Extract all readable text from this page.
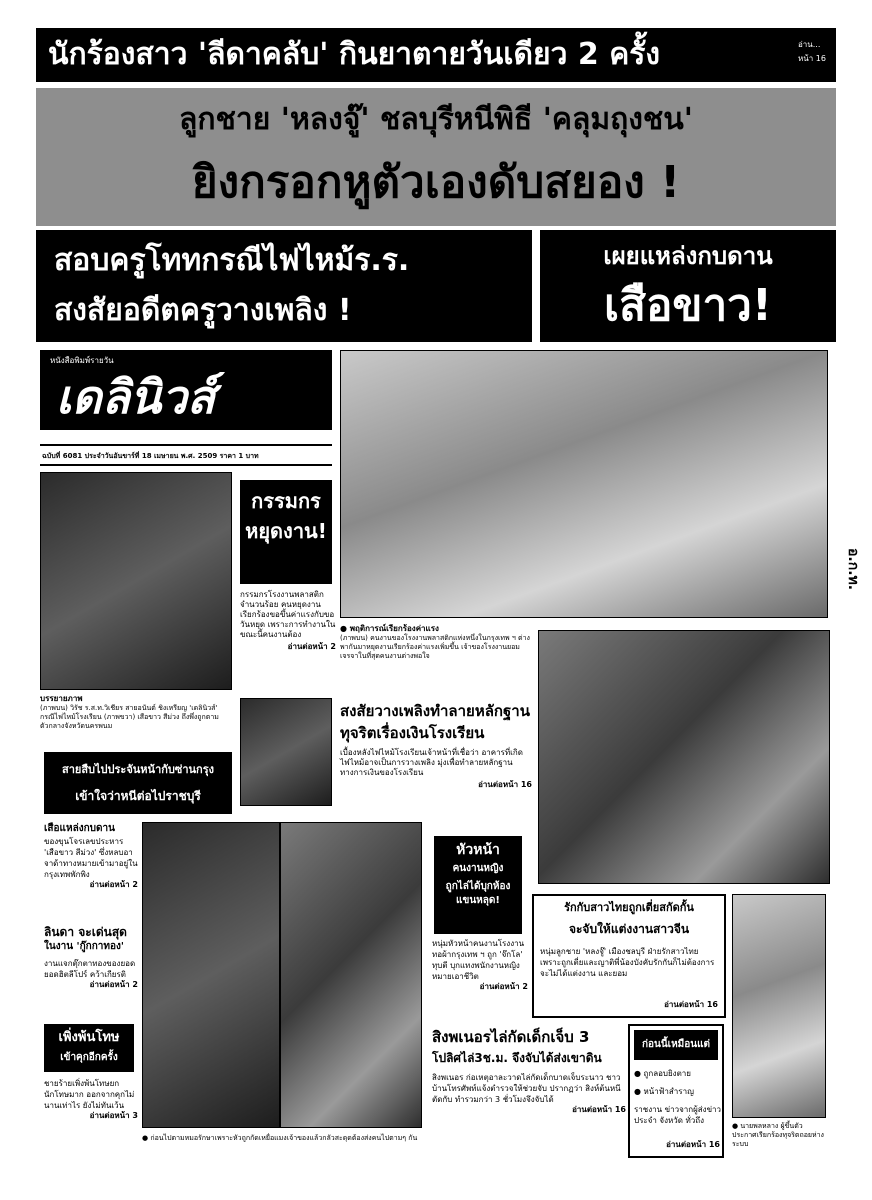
นักร้องสาว 'ลีดาคลับ' กินยาตายวันเดียว 2 ครั้ง	อ่าน... หน้า 16
ลูกชาย 'หลงจู๊' ชลบุรีหนีพิธี 'คลุมถุงชน'
ยิงกรอกหูตัวเองดับสยอง !
สอบครูโททกรณีไฟไหม้ร.ร.
สงสัยอดีตครูวางเพลิง !
เผยแหล่งกบดาน
เสือขาว!
หนังสือพิมพ์รายวัน
เดลินิวส์
ฉบับที่ 6081 ประจำวันอันขาร์ที่ 18 เมษายน พ.ศ. 2509 ราคา 1 บาท
บรรยายภาพ
(ภาพบน) วิรัช ร.ส.ท.วิเชียร สายอนันต์ ชิงเหรียญ 'เดลินิวส์' กรณีไฟไหม้โรงเรียน (ภาพขวา) เสือขาว สีม่วง ถึงพึ่งถูกตามตัวกลางจังหวัดนครพนม
กรรมกร หยุดงาน!
กรรมกรโรงงานพลาสติกจำนวนร้อย คนหยุดงานเรียกร้องขอขึ้นค่าแรงกับขอวันหยุด เพราะการทำงานในขณะนี้คนงานต้อง
อ่านต่อหน้า 2
อ.ก.ท.
● พฤติการณ์เรียกร้องค่าแรง
(ภาพบน) คนงานของโรงงานพลาสติกแห่งหนึ่งในกรุงเทพ ฯ ต่างพากันมาหยุดงานเรียกร้องค่าแรงเพิ่มขึ้น เจ้าของโรงงานยอมเจรจาในที่สุดคนงานต่างพอใจ
สงสัยวางเพลิงทำลายหลักฐาน
ทุจริตเรื่องเงินโรงเรียน
เบื้องหลังไฟไหม้โรงเรียนเจ้าหน้าที่เชื่อว่า อาคารที่เกิดไฟไหม้อาจเป็นการวางเพลิง มุ่งเพื่อทำลายหลักฐานทางการเงินของโรงเรียน
อ่านต่อหน้า 16
สายสืบไปประจันหน้ากับซ่านกรุง
เข้าใจว่าหนีต่อไปราชบุรี
เสือแหล่งกบดาน
ของขุนโจรเลขประหาร 'เสือขาว สีม่วง' ซึ่งหลบอาจาด้าทางหมายเข้ามาอยู่ในกรุงเทพพักพิง
อ่านต่อหน้า 2
ลินดา จะเด่นสุด
ในงาน 'กู๊กกาทอง'
งานแจกตุ๊กตาทองของยอดยอดฮิตลีโปร์ คว้าเกียรติ
อ่านต่อหน้า 2
เพิ่งพ้นโทษ
เข้าคุกอีกครั้ง
ชายร้ายเพิ่งพ้นโทษยกนักโทษมาก ออกจากคุกไม่นานเท่าไร ยังไม่ทันเว้น
อ่านต่อหน้า 3
● ก่อนไปตามหมอรักษาเพราะหัวถูกกัดเหยื่อแมงเจ้าของแล้วกลัวสะดุดต้องส่งคนไปตามๆ กัน
หัวหน้า
คนงานหญิง
ถูกไล่ได้บุกห้องแขนหลุด!
หนุ่มหัวหน้าคนงานโรงงานทอผ้ากรุงเทพ ฯ ถูก 'จ๊กโล' ทุบตี บุกแทงพนักงานหญิง หมายเอาชีวิต
อ่านต่อหน้า 2
รักกับสาวไทยถูกเตี่ยสกัดกั้น
จะจับให้แต่งงานสาวจีน
หนุ่มลูกชาย 'หลงจู๊' เมืองชลบุรี ฝ่ายรักสาวไทย เพราะถูกเตี่ยและญาติพี่น้องบังคับรักกันก็ไม่ต้องการจะไม่ได้แต่งงาน และยอม
อ่านต่อหน้า 16
● นายพลหลาง ผู้ขึ้นตัวประกาศเรียกร้องทุจริตถอยห่างระบบ
สิงพเนอรไล่กัดเด็กเจ็บ 3
โปลิศไล่3ช.ม. จึงจับได้ส่งเขาดิน
สิงพเนอร ก่อเหตุอาละวาดไล่กัดเด็กบาดเจ็บระนาว ชาวบ้านโทรศัพท์แจ้งตำรวจให้ช่วยจับ ปรากฏว่า สิงห์ต้นหนีตัดกับ ทำรวมกว่า 3 ชั่วโมงจึงจับได้
อ่านต่อหน้า 16
ก่อนนี้เหมือนแต่
● ถูกลอบยิงตาย
● หน้าฟ้าสำราญ
ราชงาน ข่าวจากผู้ส่งข่าว ประจำ จังหวัด ทั่วถึง
อ่านต่อหน้า 16
